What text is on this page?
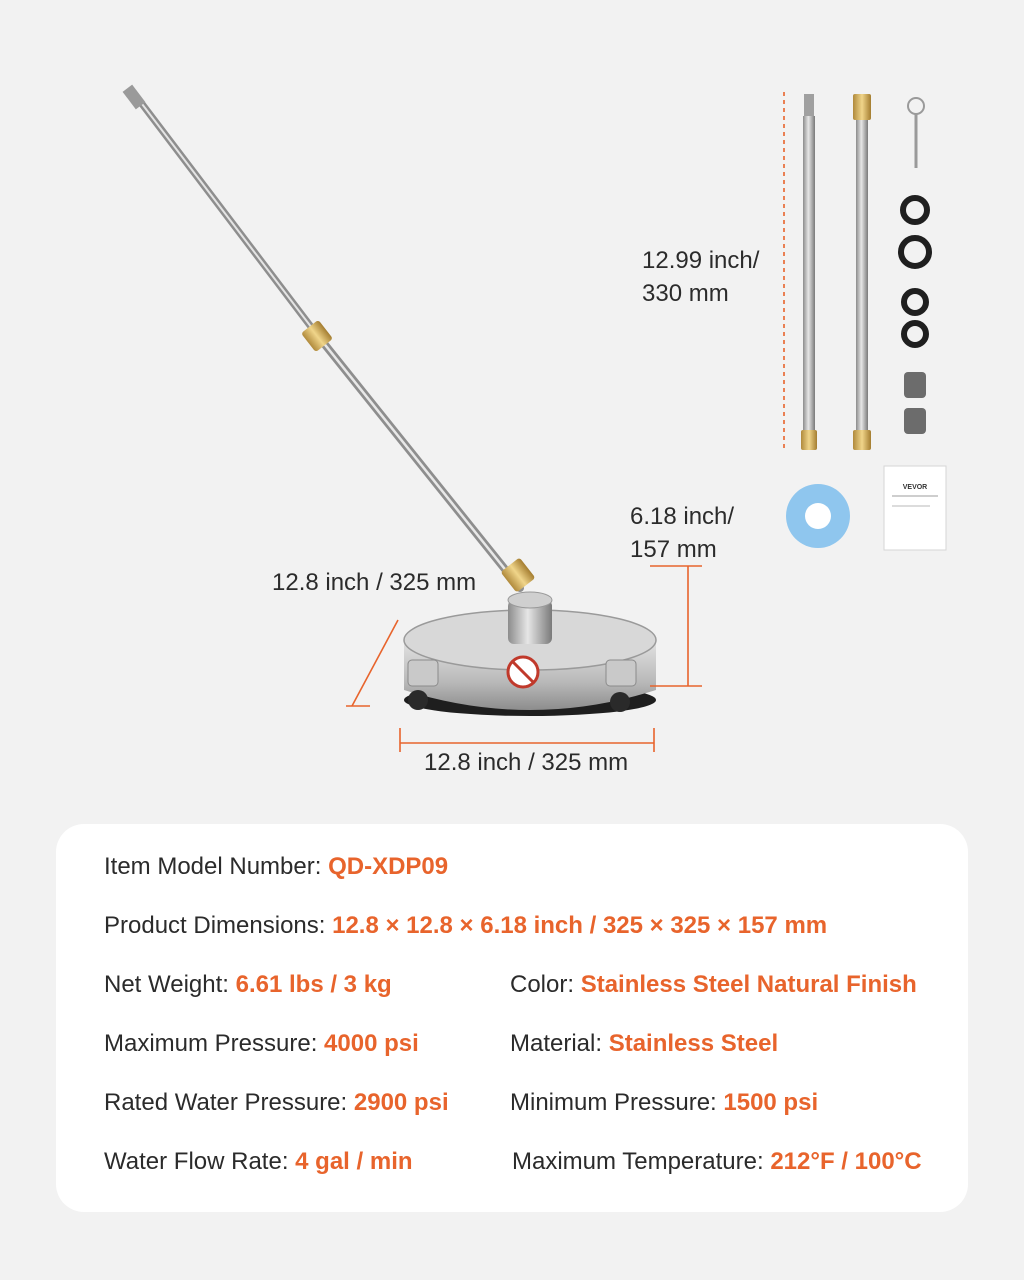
VEVOR
12.99 inch/
330 mm
6.18 inch/
157 mm
12.8 inch / 325 mm
12.8 inch / 325 mm
Item Model Number: QD-XDP09
Product Dimensions: 12.8 × 12.8 × 6.18 inch / 325 × 325 × 157 mm
Net Weight: 6.61 lbs / 3 kg	Color: Stainless Steel Natural Finish
Maximum Pressure: 4000 psi	Material: Stainless Steel
Rated Water Pressure: 2900 psi	Minimum Pressure: 1500 psi
Water Flow Rate: 4 gal / min	Maximum Temperature: 212°F / 100°C
